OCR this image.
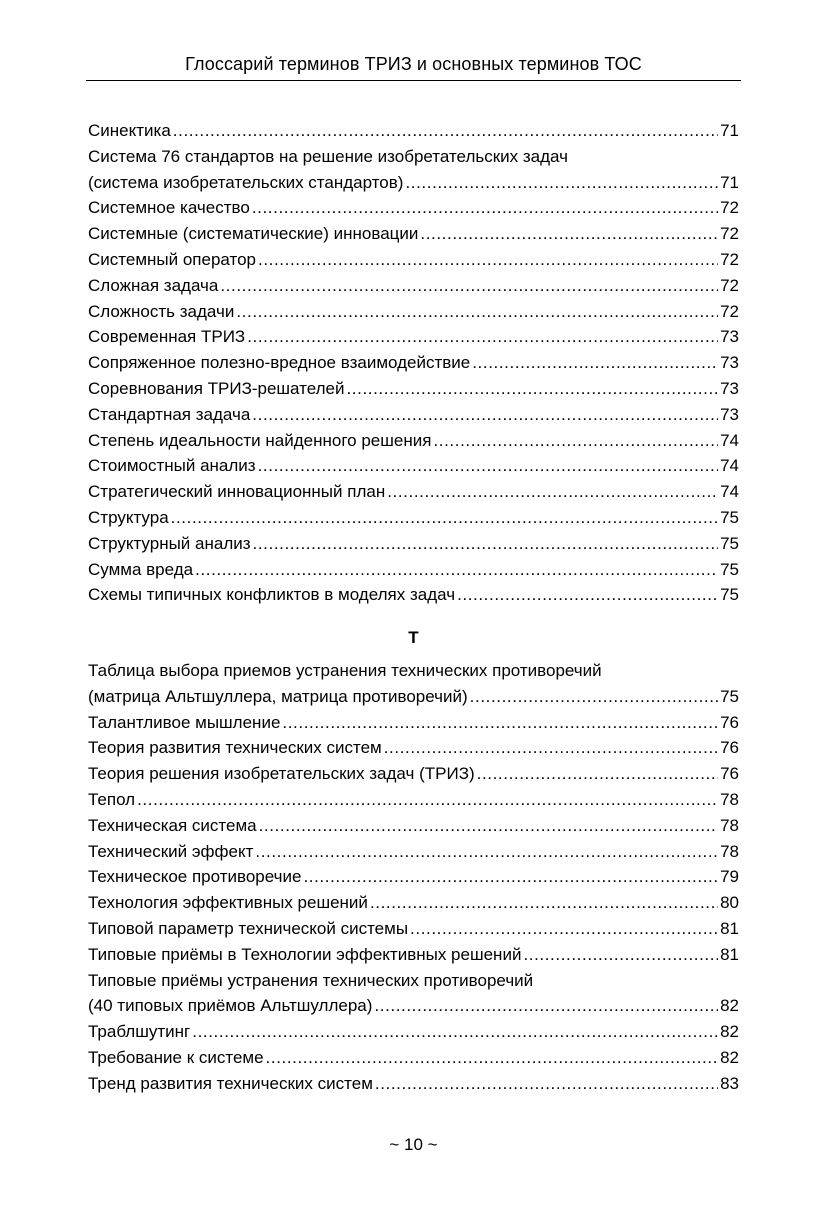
Глоссарий терминов ТРИЗ и основных терминов ТОС
Синектика .....	71
Система 76 стандартов на решение изобретательских задач
(система изобретательских стандартов) .....	71
Системное качество .....	72
Системные (систематические) инновации .....	72
Системный оператор .....	72
Сложная задача .....	72
Сложность задачи .....	72
Современная ТРИЗ .....	73
Сопряженное полезно-вредное взаимодействие .....	73
Соревнования ТРИЗ-решателей .....	73
Стандартная задача .....	73
Степень идеальности найденного решения .....	74
Стоимостный анализ .....	74
Стратегический инновационный план .....	74
Структура .....	75
Структурный анализ .....	75
Сумма вреда .....	75
Схемы типичных конфликтов в моделях задач .....	75
Т
Таблица выбора приемов устранения технических противоречий
(матрица Альтшуллера, матрица противоречий) .....	75
Талантливое мышление .....	76
Теория развития технических систем .....	76
Теория решения изобретательских задач (ТРИЗ) .....	76
Тепол .....	78
Техническая система .....	78
Технический эффект .....	78
Техническое противоречие .....	79
Технология эффективных решений .....	80
Типовой параметр технической системы .....	81
Типовые приёмы в Технологии эффективных решений .....	81
Типовые приёмы устранения технических противоречий
(40 типовых приёмов Альтшуллера) .....	82
Траблшутинг .....	82
Требование к системе .....	82
Тренд развития технических систем .....	83
~ 10 ~
